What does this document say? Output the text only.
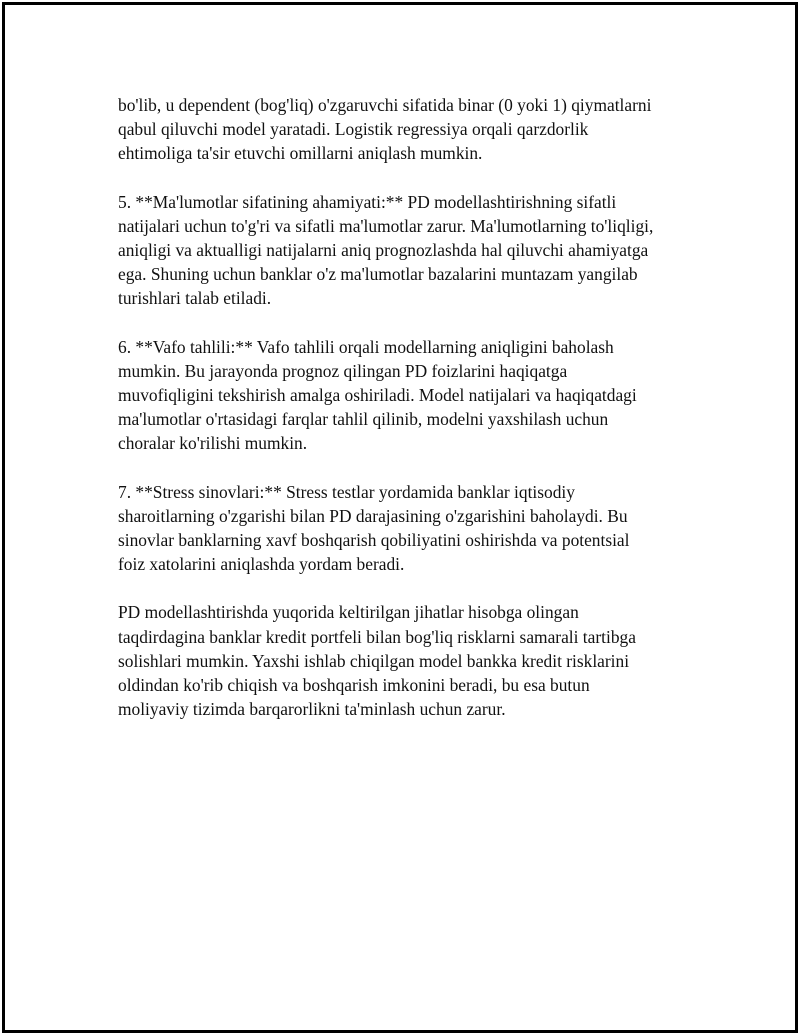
bo'lib, u dependent (bog'liq) o'zgaruvchi sifatida binar (0 yoki 1) qiymatlarni
qabul qiluvchi model yaratadi. Logistik regressiya orqali qarzdorlik
ehtimoliga ta'sir etuvchi omillarni aniqlash mumkin.

5. **Ma'lumotlar sifatining ahamiyati:** PD modellashtirishning sifatli
natijalari uchun to'g'ri va sifatli ma'lumotlar zarur. Ma'lumotlarning to'liqligi,
aniqligi va aktualligi natijalarni aniq prognozlashda hal qiluvchi ahamiyatga
ega. Shuning uchun banklar o'z ma'lumotlar bazalarini muntazam yangilab
turishlari talab etiladi.

6. **Vafo tahlili:** Vafo tahlili orqali modellarning aniqligini baholash
mumkin. Bu jarayonda prognoz qilingan PD foizlarini haqiqatga
muvofiqligini tekshirish amalga oshiriladi. Model natijalari va haqiqatdagi
ma'lumotlar o'rtasidagi farqlar tahlil qilinib, modelni yaxshilash uchun
choralar ko'rilishi mumkin.

7. **Stress sinovlari:** Stress testlar yordamida banklar iqtisodiy
sharoitlarning o'zgarishi bilan PD darajasining o'zgarishini baholaydi. Bu
sinovlar banklarning xavf boshqarish qobiliyatini oshirishda va potentsial
foiz xatolarini aniqlashda yordam beradi.

PD modellashtirishda yuqorida keltirilgan jihatlar hisobga olingan
taqdirdagina banklar kredit portfeli bilan bog'liq risklarni samarali tartibga
solishlari mumkin. Yaxshi ishlab chiqilgan model bankka kredit risklarini
oldindan ko'rib chiqish va boshqarish imkonini beradi, bu esa butun
moliyaviy tizimda barqarorlikni ta'minlash uchun zarur.
